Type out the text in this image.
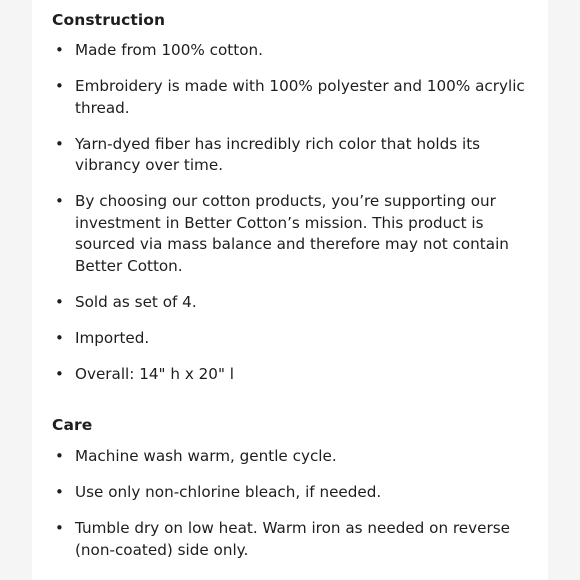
Construction
• Made from 100% cotton.
• Embroidery is made with 100% polyester and 100% acrylic thread.
• Yarn-dyed fiber has incredibly rich color that holds its vibrancy over time.
• By choosing our cotton products, you’re supporting our investment in Better Cotton’s mission. This product is sourced via mass balance and therefore may not contain Better Cotton.
• Sold as set of 4.
• Imported.
• Overall: 14" h x 20" l
Care
• Machine wash warm, gentle cycle.
• Use only non-chlorine bleach, if needed.
• Tumble dry on low heat. Warm iron as needed on reverse (non-coated) side only.
